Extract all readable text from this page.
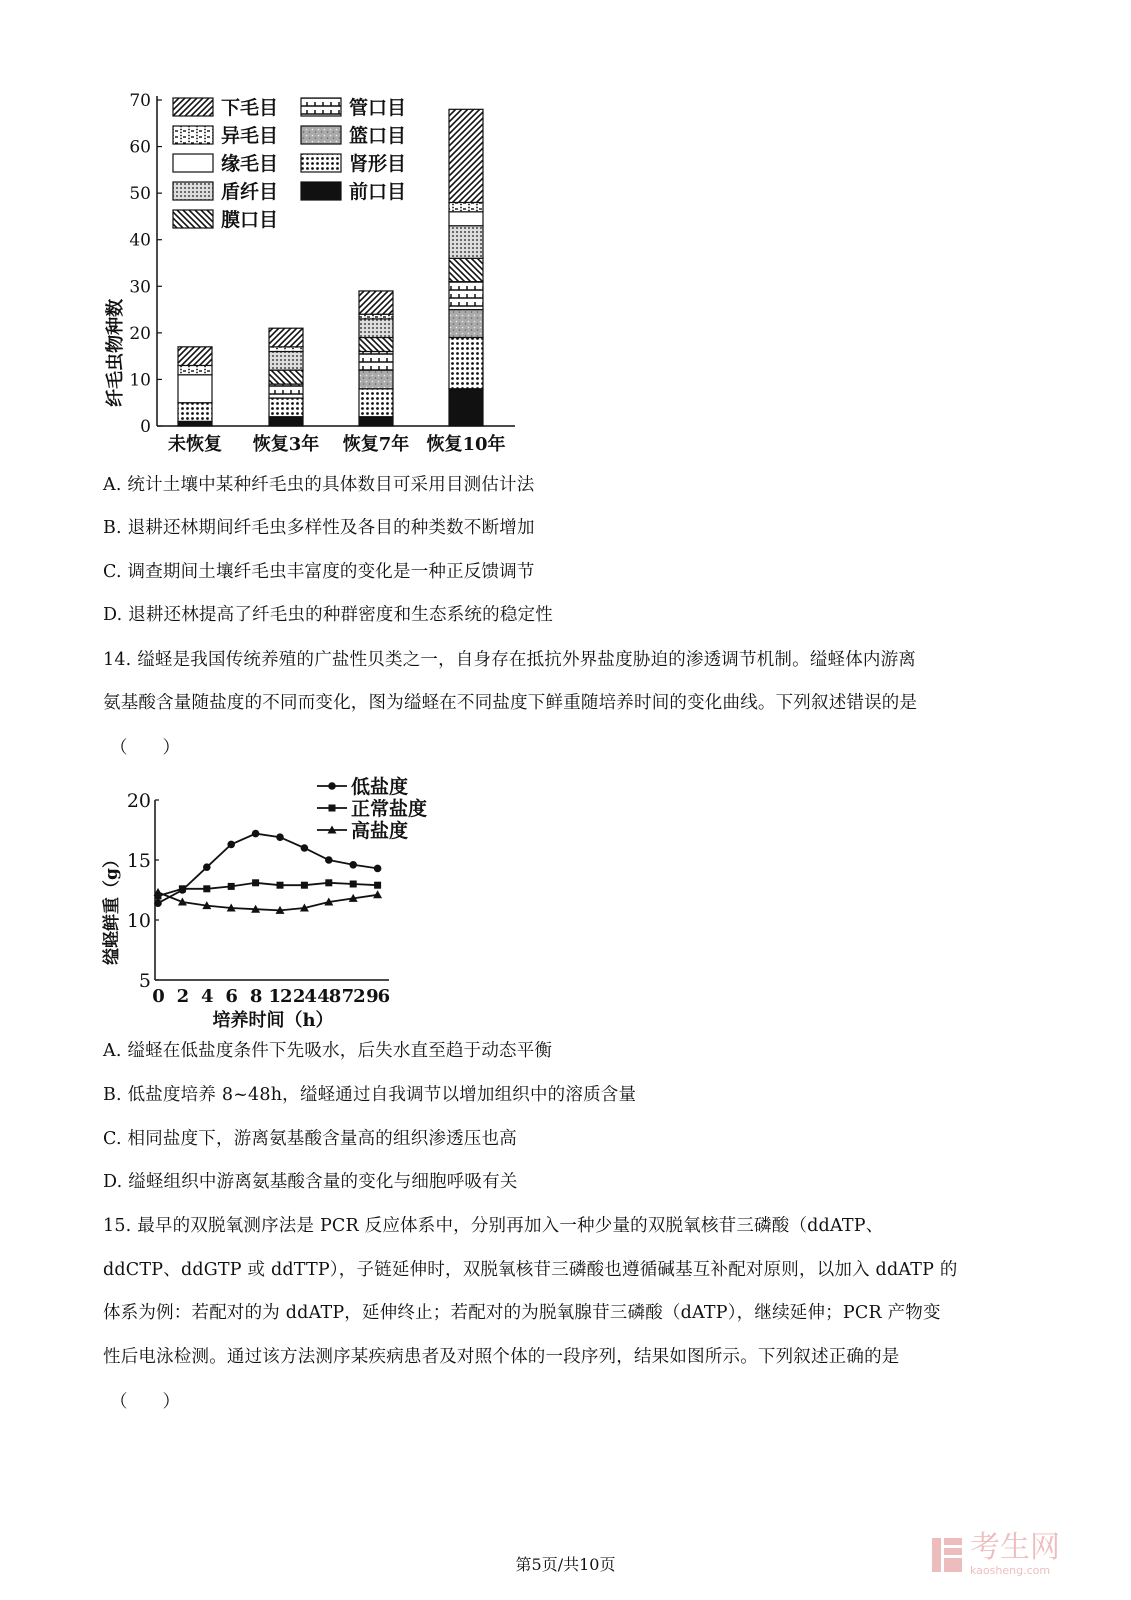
0
10
20
30
40
50
60
70
纤毛虫物种数
未恢复 恢复3年 恢复7年 恢复10年
下毛目
异毛目
缘毛目
盾纤目
膜口目
管口目
篮口目
肾形目
前口目
A. 统计土壤中某种纤毛虫的具体数目可采用目测估计法
B. 退耕还林期间纤毛虫多样性及各目的种类数不断增加
C. 调查期间土壤纤毛虫丰富度的变化是一种正反馈调节
D. 退耕还林提高了纤毛虫的种群密度和生态系统的稳定性
14. 缢蛏是我国传统养殖的广盐性贝类之一，自身存在抵抗外界盐度胁迫的渗透调节机制。缢蛏体内游离
氨基酸含量随盐度的不同而变化，图为缢蛏在不同盐度下鲜重随培养时间的变化曲线。下列叙述错误的是
（　　）
5
10
15
20
0 2 4 6 8 12 24 48 72 96
培养时间（h）
缢蛏鲜重（g）
低盐度
正常盐度
高盐度
A. 缢蛏在低盐度条件下先吸水，后失水直至趋于动态平衡
B. 低盐度培养 8~48h，缢蛏通过自我调节以增加组织中的溶质含量
C. 相同盐度下，游离氨基酸含量高的组织渗透压也高
D. 缢蛏组织中游离氨基酸含量的变化与细胞呼吸有关
15. 最早的双脱氧测序法是 PCR 反应体系中，分别再加入一种少量的双脱氧核苷三磷酸（ddATP、
ddCTP、ddGTP 或 ddTTP），子链延伸时，双脱氧核苷三磷酸也遵循碱基互补配对原则，以加入 ddATP 的
体系为例：若配对的为 ddATP，延伸终止；若配对的为脱氧腺苷三磷酸（dATP），继续延伸；PCR 产物变
性后电泳检测。通过该方法测序某疾病患者及对照个体的一段序列，结果如图所示。下列叙述正确的是
（　　）
第5页/共10页	考生网
kaosheng.com
